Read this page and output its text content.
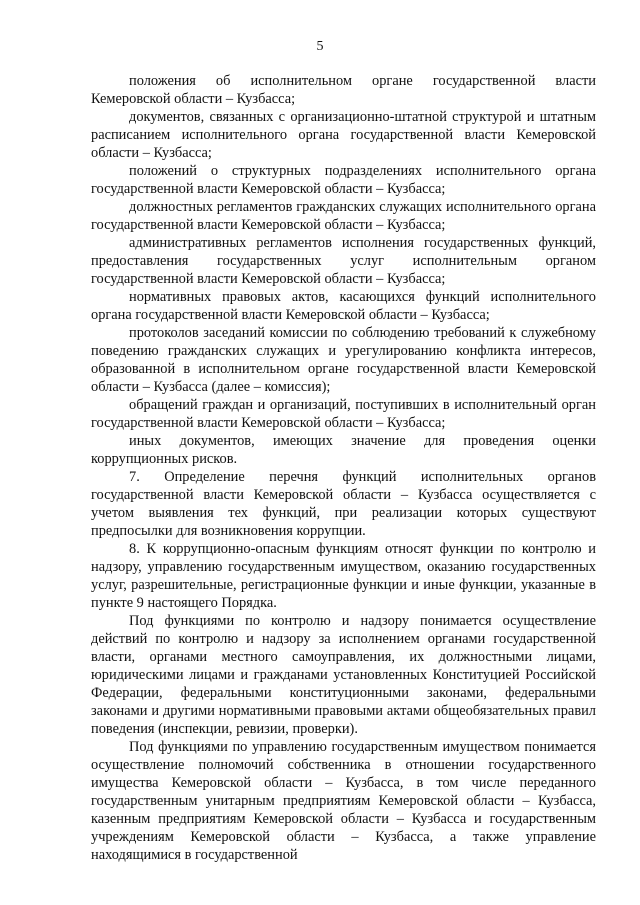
5

положения об исполнительном органе государственной власти Кемеровской области – Кузбасса;

документов, связанных с организационно-штатной структурой и штатным расписанием исполнительного органа государственной власти Кемеровской области – Кузбасса;

положений о структурных подразделениях исполнительного органа государственной власти Кемеровской области – Кузбасса;

должностных регламентов гражданских служащих исполнительного органа государственной власти Кемеровской области – Кузбасса;

административных регламентов исполнения государственных функций, предоставления государственных услуг исполнительным органом государственной власти Кемеровской области – Кузбасса;

нормативных правовых актов, касающихся функций исполнительного органа государственной власти Кемеровской области – Кузбасса;

протоколов заседаний комиссии по соблюдению требований к служебному поведению гражданских служащих и урегулированию конфликта интересов, образованной в исполнительном органе государственной власти Кемеровской области – Кузбасса (далее – комиссия);

обращений граждан и организаций, поступивших в исполнительный орган государственной власти Кемеровской области – Кузбасса;

иных документов, имеющих значение для проведения оценки коррупционных рисков.

7. Определение перечня функций исполнительных органов государственной власти Кемеровской области – Кузбасса осуществляется с учетом выявления тех функций, при реализации которых существуют предпосылки для возникновения коррупции.

8. К коррупционно-опасным функциям относят функции по контролю и надзору, управлению государственным имуществом, оказанию государственных услуг, разрешительные, регистрационные функции и иные функции, указанные в пункте 9 настоящего Порядка.

Под функциями по контролю и надзору понимается осуществление действий по контролю и надзору за исполнением органами государственной власти, органами местного самоуправления, их должностными лицами, юридическими лицами и гражданами установленных Конституцией Российской Федерации, федеральными конституционными законами, федеральными законами и другими нормативными правовыми актами общеобязательных правил поведения (инспекции, ревизии, проверки).

Под функциями по управлению государственным имуществом понимается осуществление полномочий собственника в отношении государственного имущества Кемеровской области – Кузбасса, в том числе переданного государственным унитарным предприятиям Кемеровской области – Кузбасса, казенным предприятиям Кемеровской области – Кузбасса и государственным учреждениям Кемеровской области – Кузбасса, а также управление находящимися в государственной
